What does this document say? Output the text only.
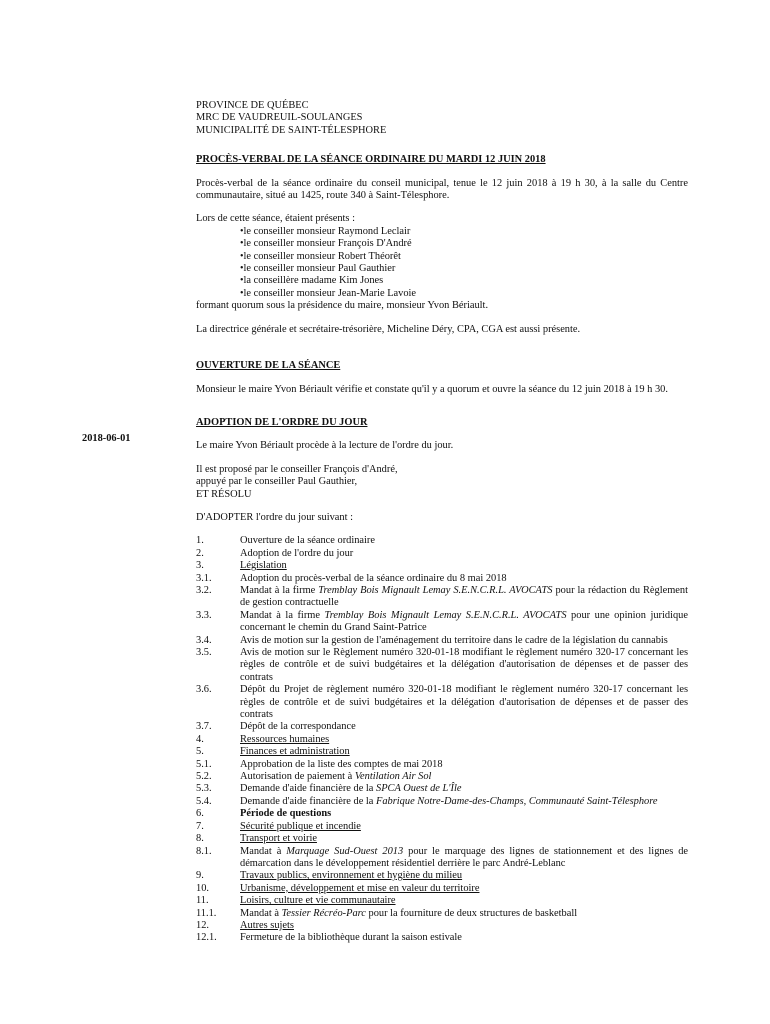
2018-06-01
PROVINCE DE QUÉBEC
MRC DE VAUDREUIL-SOULANGES
MUNICIPALITÉ DE SAINT-TÉLESPHORE

PROCÈS-VERBAL DE LA SÉANCE ORDINAIRE DU MARDI 12 JUIN 2018

Procès-verbal de la séance ordinaire du conseil municipal, tenue le 12 juin 2018 à 19 h 30, à la salle du Centre communautaire, situé au 1425, route 340 à Saint-Télesphore.

Lors de cette séance, étaient présents :

• le conseiller monsieur Raymond Leclair
• le conseiller monsieur François D'André
• le conseiller monsieur Robert Théorêt
• le conseiller monsieur Paul Gauthier
• la conseillère madame Kim Jones
• le conseiller monsieur Jean-Marie Lavoie

formant quorum sous la présidence du maire, monsieur Yvon Bériault.

La directrice générale et secrétaire-trésorière, Micheline Déry, CPA, CGA est aussi présente.

OUVERTURE DE LA SÉANCE

Monsieur le maire Yvon Bériault vérifie et constate qu'il y a quorum et ouvre la séance du 12 juin 2018 à 19 h 30.

ADOPTION DE L'ORDRE DU JOUR

Le maire Yvon Bériault procède à la lecture de l'ordre du jour.

Il est proposé par le conseiller François d'André,

appuyé par le conseiller Paul Gauthier,

ET RÉSOLU

D'ADOPTER l'ordre du jour suivant :

1.	Ouverture de la séance ordinaire
2.	Adoption de l'ordre du jour
3.	Législation
3.1.	Adoption du procès-verbal de la séance ordinaire du 8 mai 2018
3.2.	Mandat à la firme Tremblay Bois Mignault Lemay S.E.N.C.R.L. AVOCATS pour la rédaction du Règlement de gestion contractuelle
3.3.	Mandat à la firme Tremblay Bois Mignault Lemay S.E.N.C.R.L. AVOCATS pour une opinion juridique concernant le chemin du Grand Saint-Patrice
3.4.	Avis de motion sur la gestion de l'aménagement du territoire dans le cadre de la législation du cannabis
3.5.	Avis de motion sur le Règlement numéro 320-01-18 modifiant le règlement numéro 320-17 concernant les règles de contrôle et de suivi budgétaires et la délégation d'autorisation de dépenses et de passer des contrats
3.6.	Dépôt du Projet de règlement numéro 320-01-18 modifiant le règlement numéro 320-17 concernant les règles de contrôle et de suivi budgétaires et la délégation d'autorisation de dépenses et de passer des contrats
3.7.	Dépôt de la correspondance
4.	Ressources humaines
5.	Finances et administration
5.1.	Approbation de la liste des comptes de mai 2018
5.2.	Autorisation de paiement à Ventilation Air Sol
5.3.	Demande d'aide financière de la SPCA Ouest de L'Île
5.4.	Demande d'aide financière de la Fabrique Notre-Dame-des-Champs, Communauté Saint-Télesphore
6.	Période de questions
7.	Sécurité publique et incendie
8.	Transport et voirie
8.1.	Mandat à Marquage Sud-Ouest 2013 pour le marquage des lignes de stationnement et des lignes de démarcation dans le développement résidentiel derrière le parc André-Leblanc
9.	Travaux publics, environnement et hygiène du milieu
10.	Urbanisme, développement et mise en valeur du territoire
11.	Loisirs, culture et vie communautaire
11.1.	Mandat à Tessier Récréo-Parc pour la fourniture de deux structures de basketball
12.	Autres sujets
12.1.	Fermeture de la bibliothèque durant la saison estivale
